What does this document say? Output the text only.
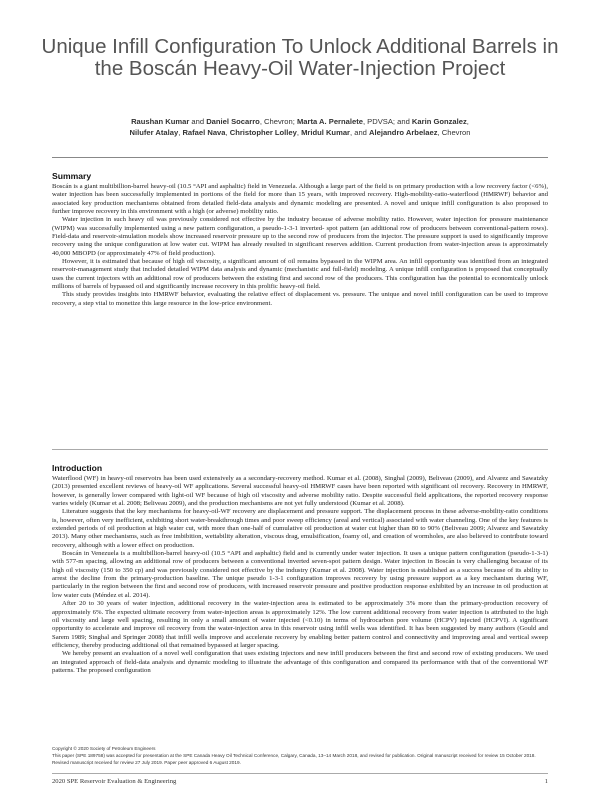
Unique Infill Configuration To Unlock Additional Barrels in the Boscán Heavy-Oil Water-Injection Project
Raushan Kumar and Daniel Socarro, Chevron; Marta A. Pernalete, PDVSA; and Karin Gonzalez,
Nilufer Atalay, Rafael Nava, Christopher Lolley, Mridul Kumar, and Alejandro Arbelaez, Chevron
Summary

Boscán is a giant multibillion-barrel heavy-oil (10.5 °API and asphaltic) field in Venezuela. Although a large part of the field is on primary production with a low recovery factor (<6%), water injection has been successfully implemented in portions of the field for more than 15 years, with improved recovery. High-mobility-ratio-waterflood (HMRWF) behavior and associated key production mechanisms obtained from detailed field-data analysis and dynamic modeling are presented. A novel and unique infill configuration is also proposed to further improve recovery in this environment with a high (or adverse) mobility ratio.

Water injection in such heavy oil was previously considered not effective by the industry because of adverse mobility ratio. However, water injection for pressure maintenance (WIPM) was successfully implemented using a new pattern configuration, a pseudo-1-3-1 inverted- spot pattern (an additional row of producers between conventional-pattern rows). Field-data and reservoir-simulation models show increased reservoir pressure up to the second row of producers from the injector. The pressure support is used to significantly improve recovery using the unique configuration at low water cut. WIPM has already resulted in significant reserves addition. Current production from water-injection areas is approximately 40,000 MBOPD (or approximately 47% of field production).

However, it is estimated that because of high oil viscosity, a significant amount of oil remains bypassed in the WIPM area. An infill opportunity was identified from an integrated reservoir-management study that included detailed WIPM data analysis and dynamic (mechanistic and full-field) modeling. A unique infill configuration is proposed that conceptually uses the current injectors with an additional row of producers between the existing first and second row of the producers. This configuration has the potential to economically unlock millions of barrels of bypassed oil and significantly increase recovery in this prolific heavy-oil field.

This study provides insights into HMRWF behavior, evaluating the relative effect of displacement vs. pressure. The unique and novel infill configuration can be used to improve recovery, a step vital to monetize this large resource in the low-price environment.

Introduction

Waterflood (WF) in heavy-oil reservoirs has been used extensively as a secondary-recovery method. Kumar et al. (2008), Singhal (2009), Beliveau (2009), and Alvarez and Sawatzky (2013) presented excellent reviews of heavy-oil WF applications. Several successful heavy-oil HMRWF cases have been reported with significant oil recovery. Recovery in HMRWF, however, is generally lower compared with light-oil WF because of high oil viscosity and adverse mobility ratio. Despite successful field applications, the reported recovery response varies widely (Kumar et al. 2008; Beliveau 2009), and the production mechanisms are not yet fully understood (Kumar et al. 2008).

Literature suggests that the key mechanisms for heavy-oil-WF recovery are displacement and pressure support. The displacement process in these adverse-mobility-ratio conditions is, however, often very inefficient, exhibiting short water-breakthrough times and poor sweep efficiency (areal and vertical) associated with water channeling. One of the key features is extended periods of oil production at high water cut, with more than one-half of cumulative oil production at water cut higher than 80 to 90% (Beliveau 2009; Alvarez and Sawatzky 2013). Many other mechanisms, such as free imbibition, wettability alteration, viscous drag, emulsification, foamy oil, and creation of wormholes, are also believed to contribute toward recovery, although with a lower effect on production.

Boscán in Venezuela is a multibillion-barrel heavy-oil (10.5 °API and asphaltic) field and is currently under water injection. It uses a unique pattern configuration (pseudo-1-3-1) with 577-m spacing, allowing an additional row of producers between a conventional inverted seven-spot pattern design. Water injection in Boscán is very challenging because of its high oil viscosity (150 to 350 cp) and was previously considered not effective by the industry (Kumar et al. 2008). Water injection is established as a success because of its ability to arrest the decline from the primary-production baseline. The unique pseudo 1-3-1 configuration improves recovery by using pressure support as a key mechanism during WF, particularly in the region between the first and second row of producers, with increased reservoir pressure and positive production response exhibited by an increase in oil production at low water cuts (Méndez et al. 2014).

After 20 to 30 years of water injection, additional recovery in the water-injection area is estimated to be approximately 3% more than the primary-production recovery of approximately 6%. The expected ultimate recovery from water-injection areas is approximately 12%. The low current additional recovery from water injection is attributed to the high oil viscosity and large well spacing, resulting in only a small amount of water injected (<0.10) in terms of hydrocarbon pore volume (HCPV) injected (HCPVI). A significant opportunity to accelerate and improve oil recovery from the water-injection area in this reservoir using infill wells was identified. It has been suggested by many authors (Gould and Sarem 1989; Singhal and Springer 2008) that infill wells improve and accelerate recovery by enabling better pattern control and connectivity and improving areal and vertical sweep efficiency, thereby producing additional oil that remained bypassed at larger spacing.

We hereby present an evaluation of a novel well configuration that uses existing injectors and new infill producers between the first and second row of existing producers. We used an integrated approach of field-data analysis and dynamic modeling to illustrate the advantage of this configuration and compared its performance with that of the conventional WF patterns. The proposed configuration

Copyright © 2020 Society of Petroleum Engineers

This paper (SPE 189758) was accepted for presentation at the SPE Canada Heavy Oil Technical Conference, Calgary, Canada, 13–14 March 2018, and revised for publication. Original manuscript received for review 15 October 2018. Revised manuscript received for review 27 July 2019. Paper peer approved 6 August 2019.

2020 SPE Reservoir Evaluation & Engineering	1
